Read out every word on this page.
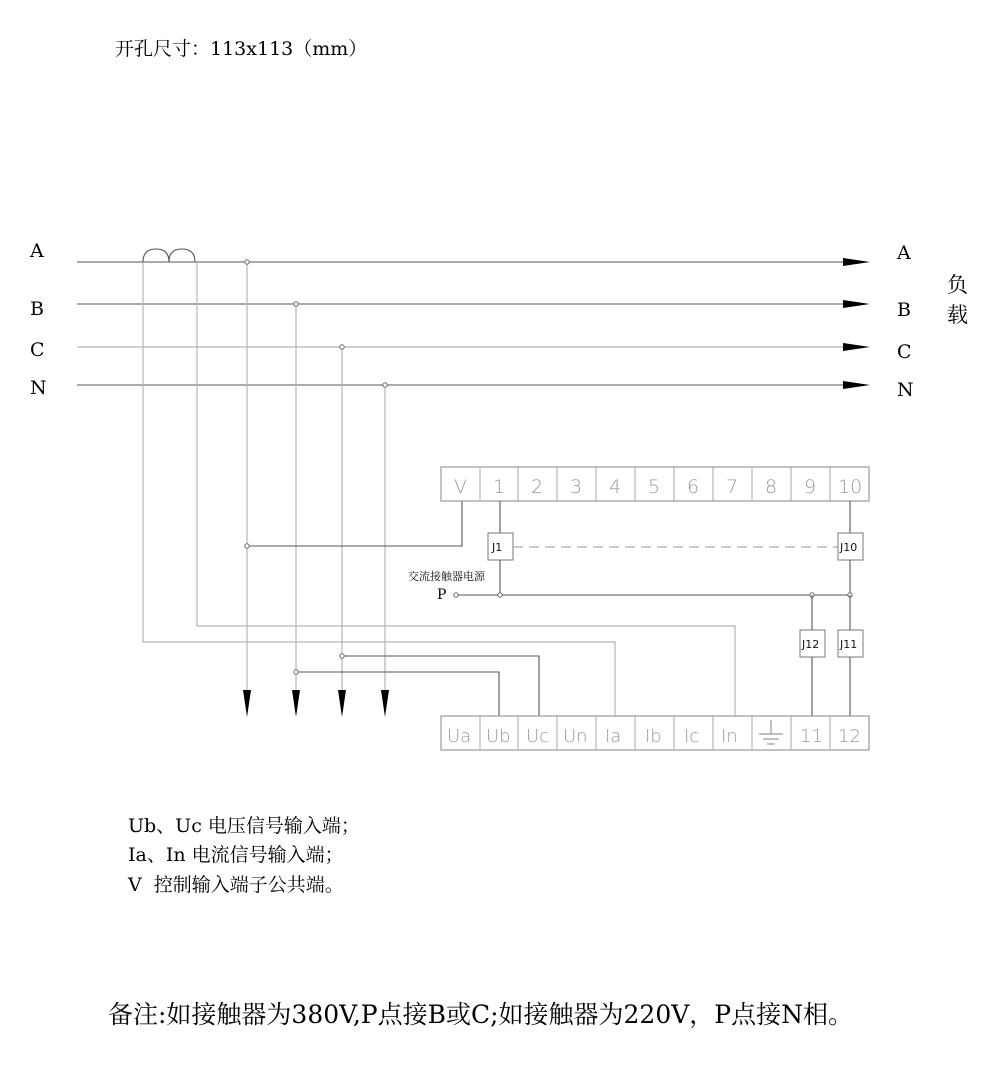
开孔尺寸：113x113（mm）
A
B
C
N
A
B
C
N
负
载
V 1 2 3 4 5 6 7 8 9 10
J1	J10
交流接触器电源
P
J12 J11
Ua Ub Uc Un Ia Ib Ic In	11 12
Ub、Uc 电压信号输入端；
Ia、In 电流信号输入端；
V  控制输入端子公共端。
备注:如接触器为380V,P点接B或C;如接触器为220V，P点接N相。
